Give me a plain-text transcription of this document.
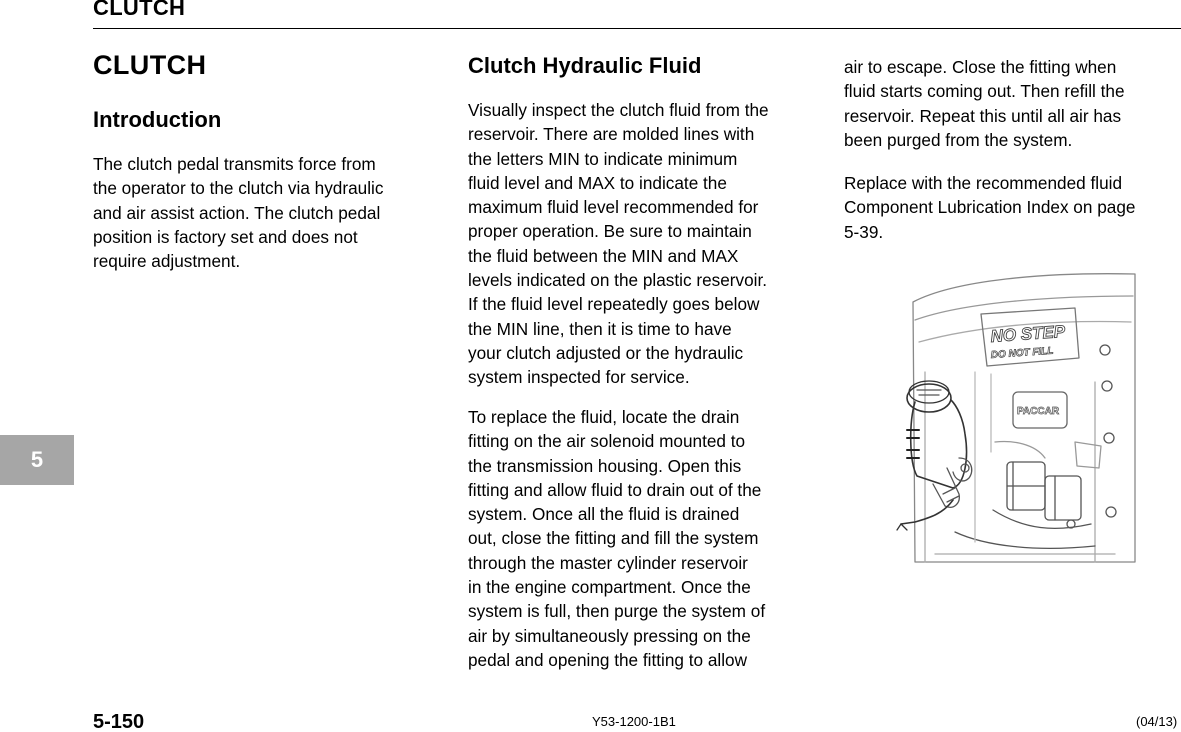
CLUTCH
5
CLUTCH
Introduction
The clutch pedal transmits force from
the operator to the clutch via hydraulic
and air assist action. The clutch pedal
position is factory set and does not
require adjustment.
Clutch Hydraulic Fluid
Visually inspect the clutch fluid from the
reservoir. There are molded lines with
the letters MIN to indicate minimum
fluid level and MAX to indicate the
maximum fluid level recommended for
proper operation. Be sure to maintain
the fluid between the MIN and MAX
levels indicated on the plastic reservoir.
If the fluid level repeatedly goes below
the MIN line, then it is time to have
your clutch adjusted or the hydraulic
system inspected for service.
To replace the fluid, locate the drain
fitting on the air solenoid mounted to
the transmission housing. Open this
fitting and allow fluid to drain out of the
system. Once all the fluid is drained
out, close the fitting and fill the system
through the master cylinder reservoir
in the engine compartment. Once the
system is full, then purge the system of
air by simultaneously pressing on the
pedal and opening the fitting to allow
air to escape. Close the fitting when
fluid starts coming out. Then refill the
reservoir. Repeat this until all air has
been purged from the system.
Replace with the recommended fluid
Component Lubrication Index on page
5-39.
NO STEP
DO NOT FILL
PACCAR
5-150	Y53-1200-1B1	(04/13)
